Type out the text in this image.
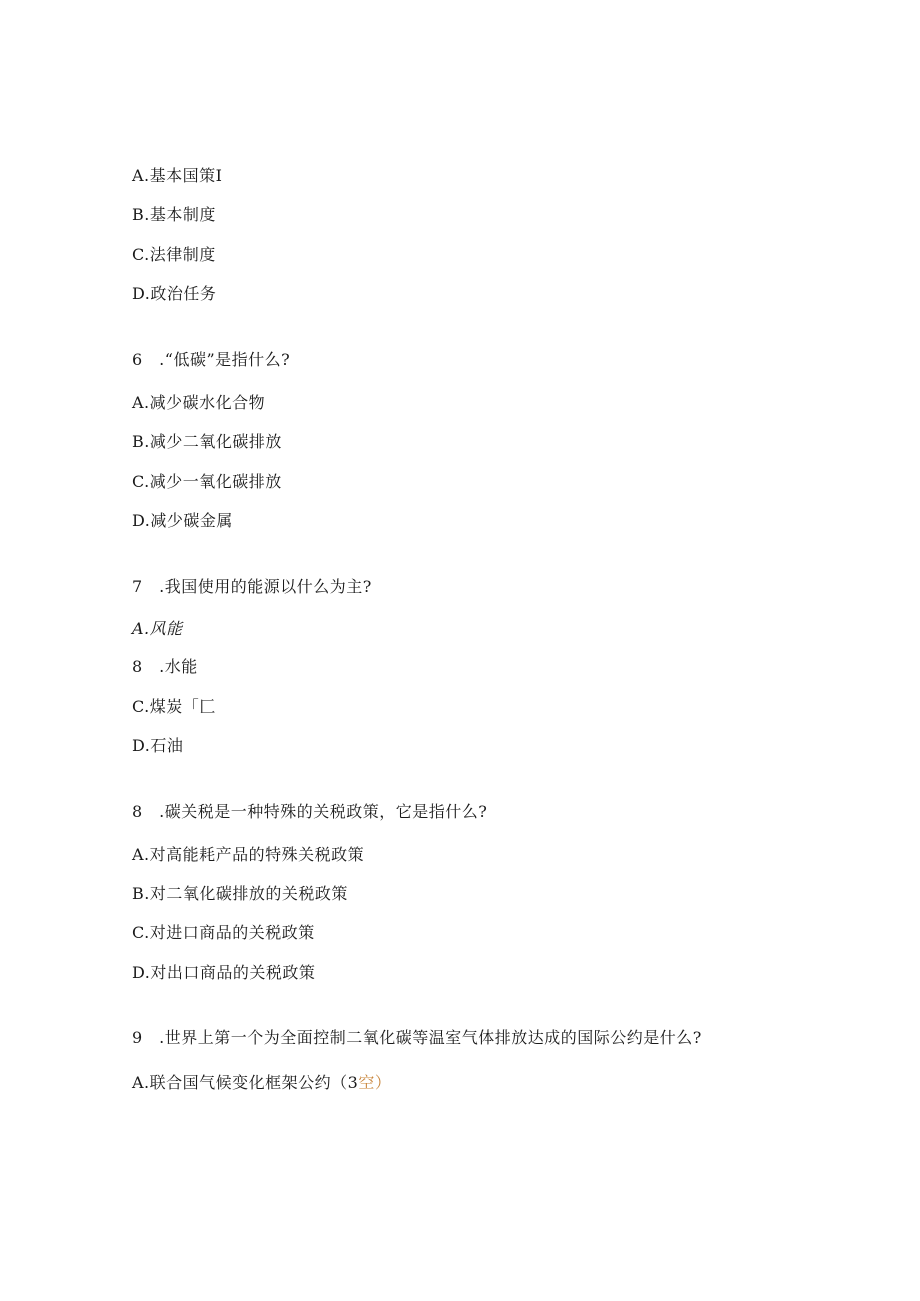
A.基本国策I
B.基本制度
C.法律制度
D.政治任务
6　.“低碳”是指什么?
A.减少碳水化合物
B.减少二氧化碳排放
C.减少一氧化碳排放
D.减少碳金属
7　.我国使用的能源以什么为主?
A.风能
8　.水能
C.煤炭「匚
D.石油
8　.碳关税是一种特殊的关税政策，它是指什么?
A.对高能耗产品的特殊关税政策
B.对二氧化碳排放的关税政策
C.对进口商品的关税政策
D.对出口商品的关税政策
9　.世界上第一个为全面控制二氧化碳等温室气体排放达成的国际公约是什么?
A.联合国气候变化框架公约（3空）
